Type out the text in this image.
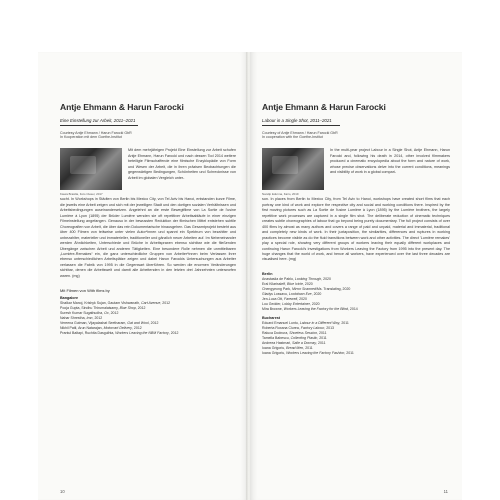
Antje Ehmann & Harun Farocki
Eine Einstellung zur Arbeit, 2011–2021
Courtesy Antje Ehmann / Harun Farocki GbR
In Kooperation mit dem Goethe-Institut
Kiewa Brasilia, Foto Cleser, 2017
Mit dem mehrjährigen Projekt Eine Einstellung zur Arbeit schufen Antje Ehmann, Harun Farocki und nach dessen Tod 2014 weitere beteiligte Filmschaffende eine filmische Enzyklopädie von Form und Wesen der Arbeit, die in ihren präzisen Beobachtungen die gegenwärtigen Bedingungen, Schönheiten und Schrecknisse von Arbeit im globalen Vergleich unter-
sucht. In Workshops in Städten von Berlin bis Mexico City, von Tel Aviv bis Hanoi, entstanden kurze Filme, die jeweils eine Arbeit zeigen und sich mit der jeweiligen Stadt und den dortigen sozialen Verhältnissen und Arbeitsbedingungen auseinandersetzen. Angelehnt an die erste Bewegtfilme von La Sortie de l'usine Lumière à Lyon (1895) der Brüder Lumière wenden sie oft repetitiver Arbeitsabläufe in einer einzigen Filmeinstellung angefangen. Genauso in der bewussten Reduktion der filmischen Mittel entstehen subtile Choreografien von Arbeit, die über das rein Dokumentarische hinausgehen. Das Gesamtprojekt besteht aus über 400 Filmen von teilweise unter vielen Autor*innen und spannt ein Spektrum von bezahlter und unbezahlter, materieller und immaterieller, traditioneller und gänzlich neuer Arbeiten auf. Im Nebeneinander werden Ähnlichkeiten, Unterschiede und Brüche in Arbeitspraxen ebenso sichtbar wie die fließenden Übergänge zwischen Arbeit und anderen Tätigkeiten. Eine besondere Rolle nehmen die unmittelbaren „Lumière-Remakes“ ein, die ganz unterschiedliche Gruppen von Arbeiter*innen beim Verlassen ihrer ebenso unterschiedlichen Arbeitsplätze zeigen und dabei Harun Farockis Untersuchungen aus Arbeiter verlassen die Fabrik von 1995 in die Gegenwart überführen. So werden die enormen Veränderungen sichtbar, denen die Arbeitswelt und damit alle Arbeitenden in den letzten drei Jahrzehnten unterworfen waren. (mg)
Mit Filmen von With films by
Bangalore
Shalkar Manoj, Krishyk Sujan, Gautam Vishwanath, Cart Avenue, 2012
Pooja Gupta, Sindhu Thirumalaisamy, Blue Shop, 2012
Suresh Kumar Sugathudha, Ox, 2012
Nahar Shrestha, Iron, 2012
Vereena Gutman, Vijayalashat Seetharam, Gat and Wool, 2012
Nikhil Patil, Arun Natarajan, Motorcart Delivery, 2012
Prantul Baltapi, Ruchita Dasgulhta, Workers Leaving the NBM Factory, 2012
10
Antje Ehmann & Harun Farocki
Labour in a Single Shot, 2011–2021
Courtesy of Antje Ehmann / Harun Farocki GbR
In cooperation with the Goethe-Institut
Nandip Edurma, Kairo, 2019
In the multi-year project Labour in a Single Shot, Antje Ehmann, Harun Farocki and, following his death in 2014, other involved filmmakers produced a cinematic encyclopedia about the form and nature of work, whose precise observations delve into the current conditions, meanings and visibility of work in a global compari-
son. In places from Berlin to Mexico City, from Tel Aviv to Hanoi, workshops have created short films that each portray one kind of work and explore the respective city and social and working conditions there. Inspired by the first moving pictures such as La Sortie de l'usine Lumière à Lyon (1895) by the Lumière brothers, the largely repetitive work processes are captured in a single film shot. The deliberate reduction of cinematic techniques creates subtle choreographies of labour that go beyond being purely documentary. The full project consists of over 400 films by almost as many authors and covers a range of paid and unpaid, material and immaterial, traditional and completely new kinds of work. In their juxtaposition, the similarities, differences and ruptures in working practices become visible as do the fluid transitions between work and other activities. The direct 'Lumière remakes' play a special role, showing very different groups of workers leaving their equally different workplaces and continuing Harun Farocki's investigations from Workers Leaving the Factory from 1995 into the present day. The huge changes that the world of work, and hence all workers, have experienced over the last three decades are visualised here. (mg)
Berlin
Anastasiia de Pablo, Looking Through, 2020
Eral Kilarissleff, Blue Icicle, 2020
Chengyeong Park, Mirror Scanned/Ms. Translating, 2020
Gladys Lossavu, Lockdown Eve, 2020
Jen-Luca Ott, Farewell, 2020
Lou Gedder, Lobby Entertainer, 2020
Mira Browne, Workers Leaving the Factory for the Blind, 2014
Bucharest
Eduard Emanuel Luntu, Labour in a Different Way, 2011
Roberta Roxana Ciurea, Factory Labour, 2013
Raluca Dodnura, Shoeless Session, 2011
Tamella Babescu, Collecting Plastic, 2011
Andreea Hastmari, Salle a Dormay, 2011
Ioana Grigoriu, Bread Men, 2011
Ioana Grigoriu, Workers Leaving the Factory Fashion, 2011
11
